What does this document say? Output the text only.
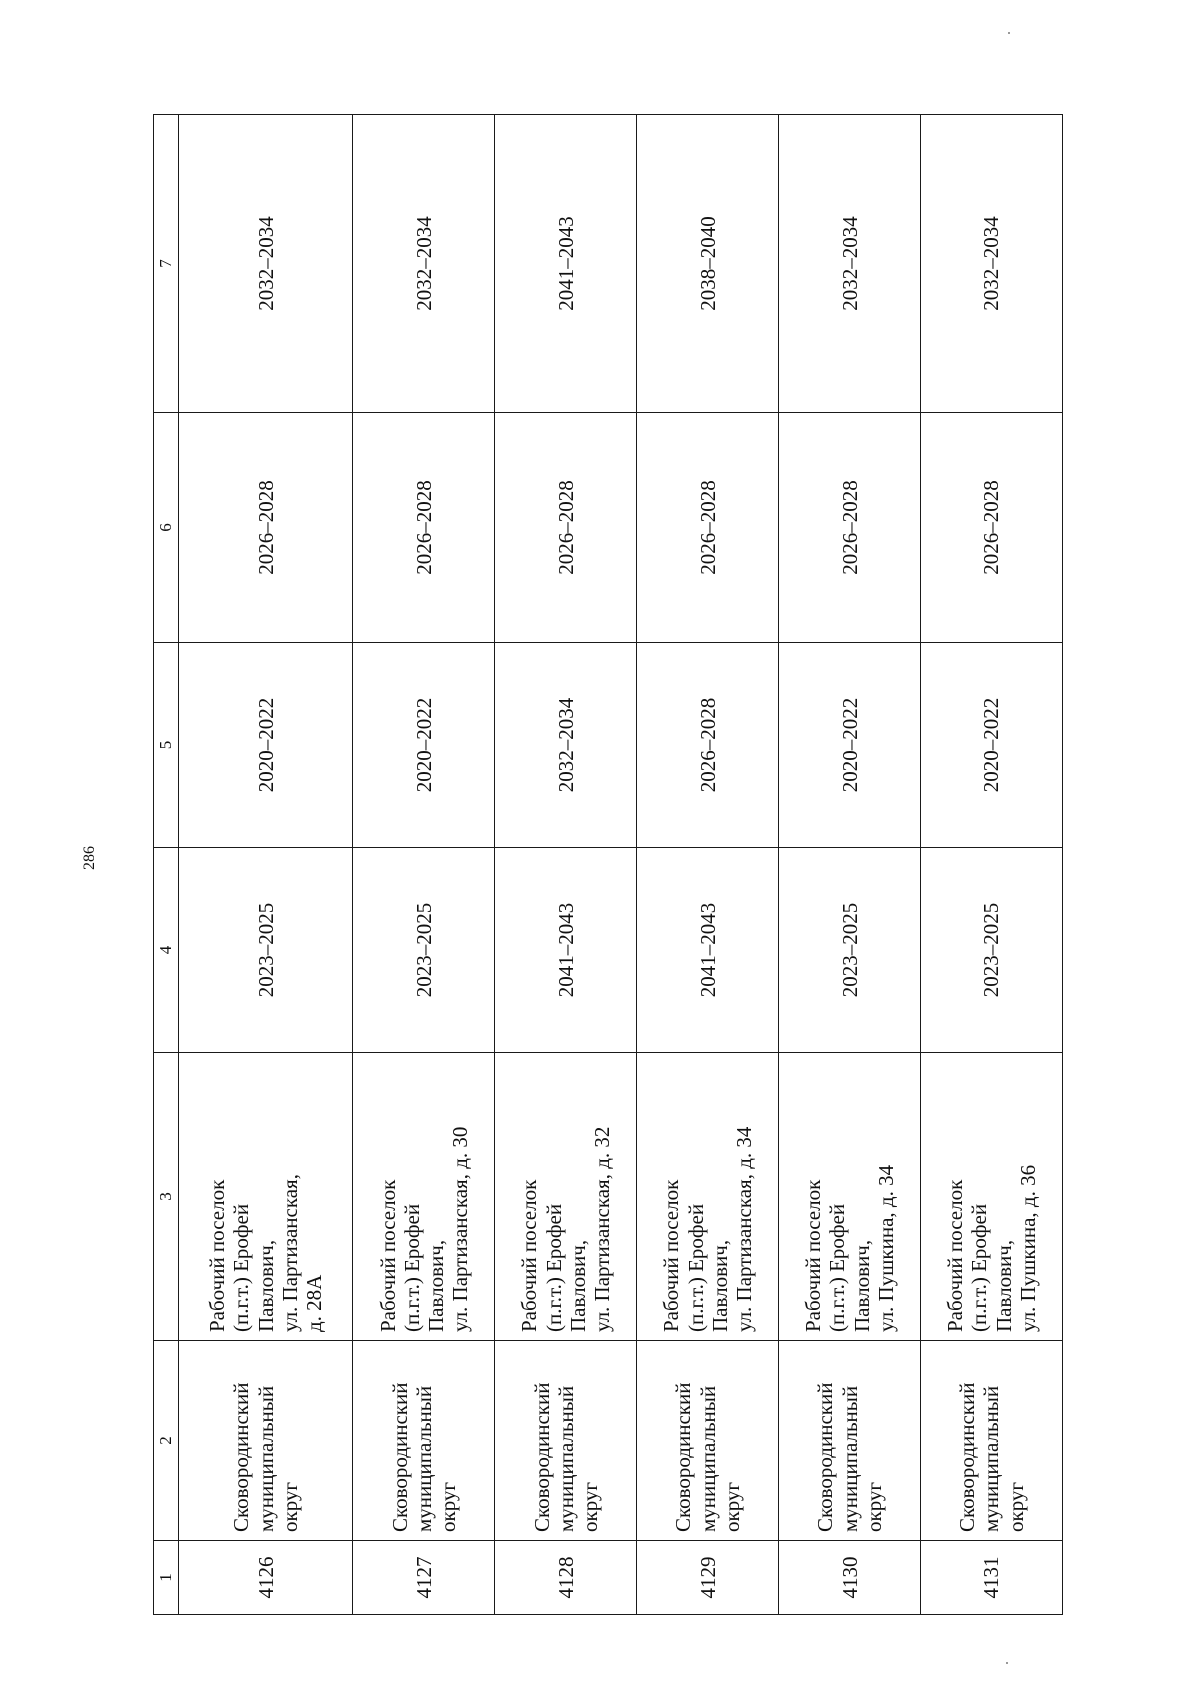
286
1	2	3	4	5	6	7
4126	Сковородинский муниципальный округ	Рабочий поселок (п.г.т.) Ерофей Павлович, ул. Партизанская, д. 28А	2023–2025	2020–2022	2026–2028	2032–2034
4127	Сковородинский муниципальный округ	Рабочий поселок (п.г.т.) Ерофей Павлович, ул. Партизанская, д. 30	2023–2025	2020–2022	2026–2028	2032–2034
4128	Сковородинский муниципальный округ	Рабочий поселок (п.г.т.) Ерофей Павлович, ул. Партизанская, д. 32	2041–2043	2032–2034	2026–2028	2041–2043
4129	Сковородинский муниципальный округ	Рабочий поселок (п.г.т.) Ерофей Павлович, ул. Партизанская, д. 34	2041–2043	2026–2028	2026–2028	2038–2040
4130	Сковородинский муниципальный округ	Рабочий поселок (п.г.т.) Ерофей Павлович, ул. Пушкина, д. 34	2023–2025	2020–2022	2026–2028	2032–2034
4131	Сковородинский муниципальный округ	Рабочий поселок (п.г.т.) Ерофей Павлович, ул. Пушкина, д. 36	2023–2025	2020–2022	2026–2028	2032–2034
